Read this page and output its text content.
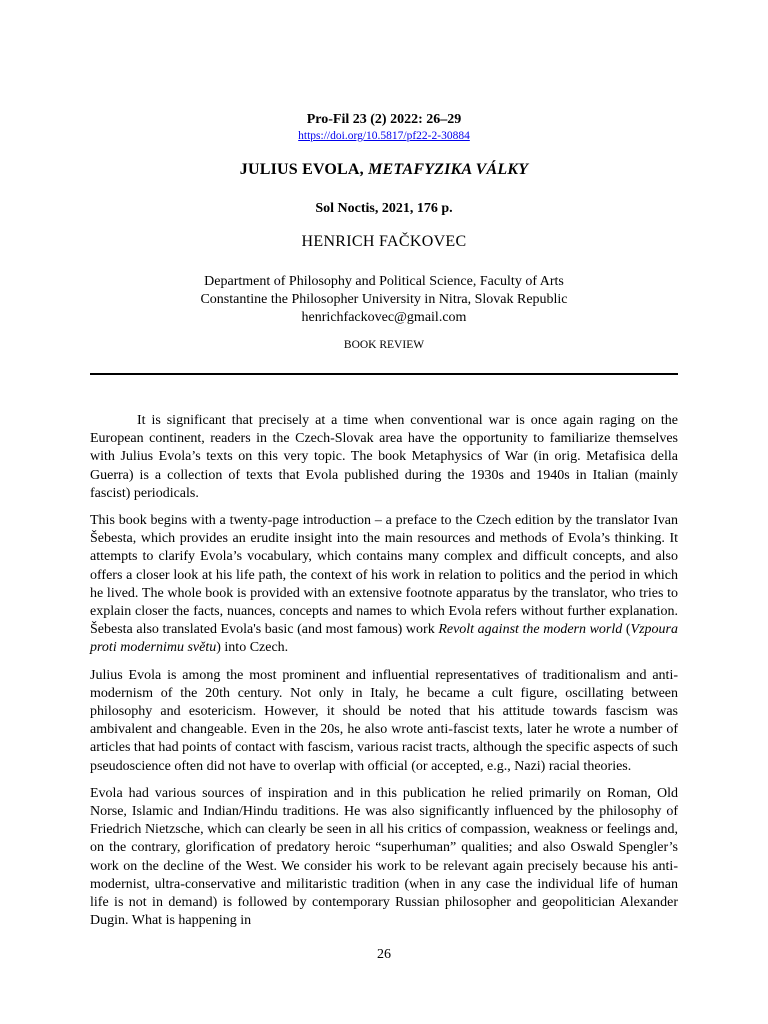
Pro-Fil 23 (2) 2022: 26–29
https://doi.org/10.5817/pf22-2-30884
JULIUS EVOLA, METAFYZIKA VÁLKY
Sol Noctis, 2021, 176 p.
HENRICH FAČKOVEC
Department of Philosophy and Political Science, Faculty of Arts
Constantine the Philosopher University in Nitra, Slovak Republic
henrichfackovec@gmail.com
BOOK REVIEW

It is significant that precisely at a time when conventional war is once again raging on the European continent, readers in the Czech-Slovak area have the opportunity to familiarize themselves with Julius Evola’s texts on this very topic. The book Metaphysics of War (in orig. Metafisica della Guerra) is a collection of texts that Evola published during the 1930s and 1940s in Italian (mainly fascist) periodicals.

This book begins with a twenty-page introduction – a preface to the Czech edition by the translator Ivan Šebesta, which provides an erudite insight into the main resources and methods of Evola’s thinking. It attempts to clarify Evola’s vocabulary, which contains many complex and difficult concepts, and also offers a closer look at his life path, the context of his work in relation to politics and the period in which he lived. The whole book is provided with an extensive footnote apparatus by the translator, who tries to explain closer the facts, nuances, concepts and names to which Evola refers without further explanation. Šebesta also translated Evola's basic (and most famous) work Revolt against the modern world (Vzpoura proti modernimu světu) into Czech.

Julius Evola is among the most prominent and influential representatives of traditionalism and anti-modernism of the 20th century. Not only in Italy, he became a cult figure, oscillating between philosophy and esotericism. However, it should be noted that his attitude towards fascism was ambivalent and changeable. Even in the 20s, he also wrote anti-fascist texts, later he wrote a number of articles that had points of contact with fascism, various racist tracts, although the specific aspects of such pseudoscience often did not have to overlap with official (or accepted, e.g., Nazi) racial theories.

Evola had various sources of inspiration and in this publication he relied primarily on Roman, Old Norse, Islamic and Indian/Hindu traditions. He was also significantly influenced by the philosophy of Friedrich Nietzsche, which can clearly be seen in all his critics of compassion, weakness or feelings and, on the contrary, glorification of predatory heroic “superhuman” qualities; and also Oswald Spengler’s work on the decline of the West. We consider his work to be relevant again precisely because his anti-modernist, ultra-conservative and militaristic tradition (when in any case the individual life of human life is not in demand) is followed by contemporary Russian philosopher and geopolitician Alexander Dugin. What is happening in

26
